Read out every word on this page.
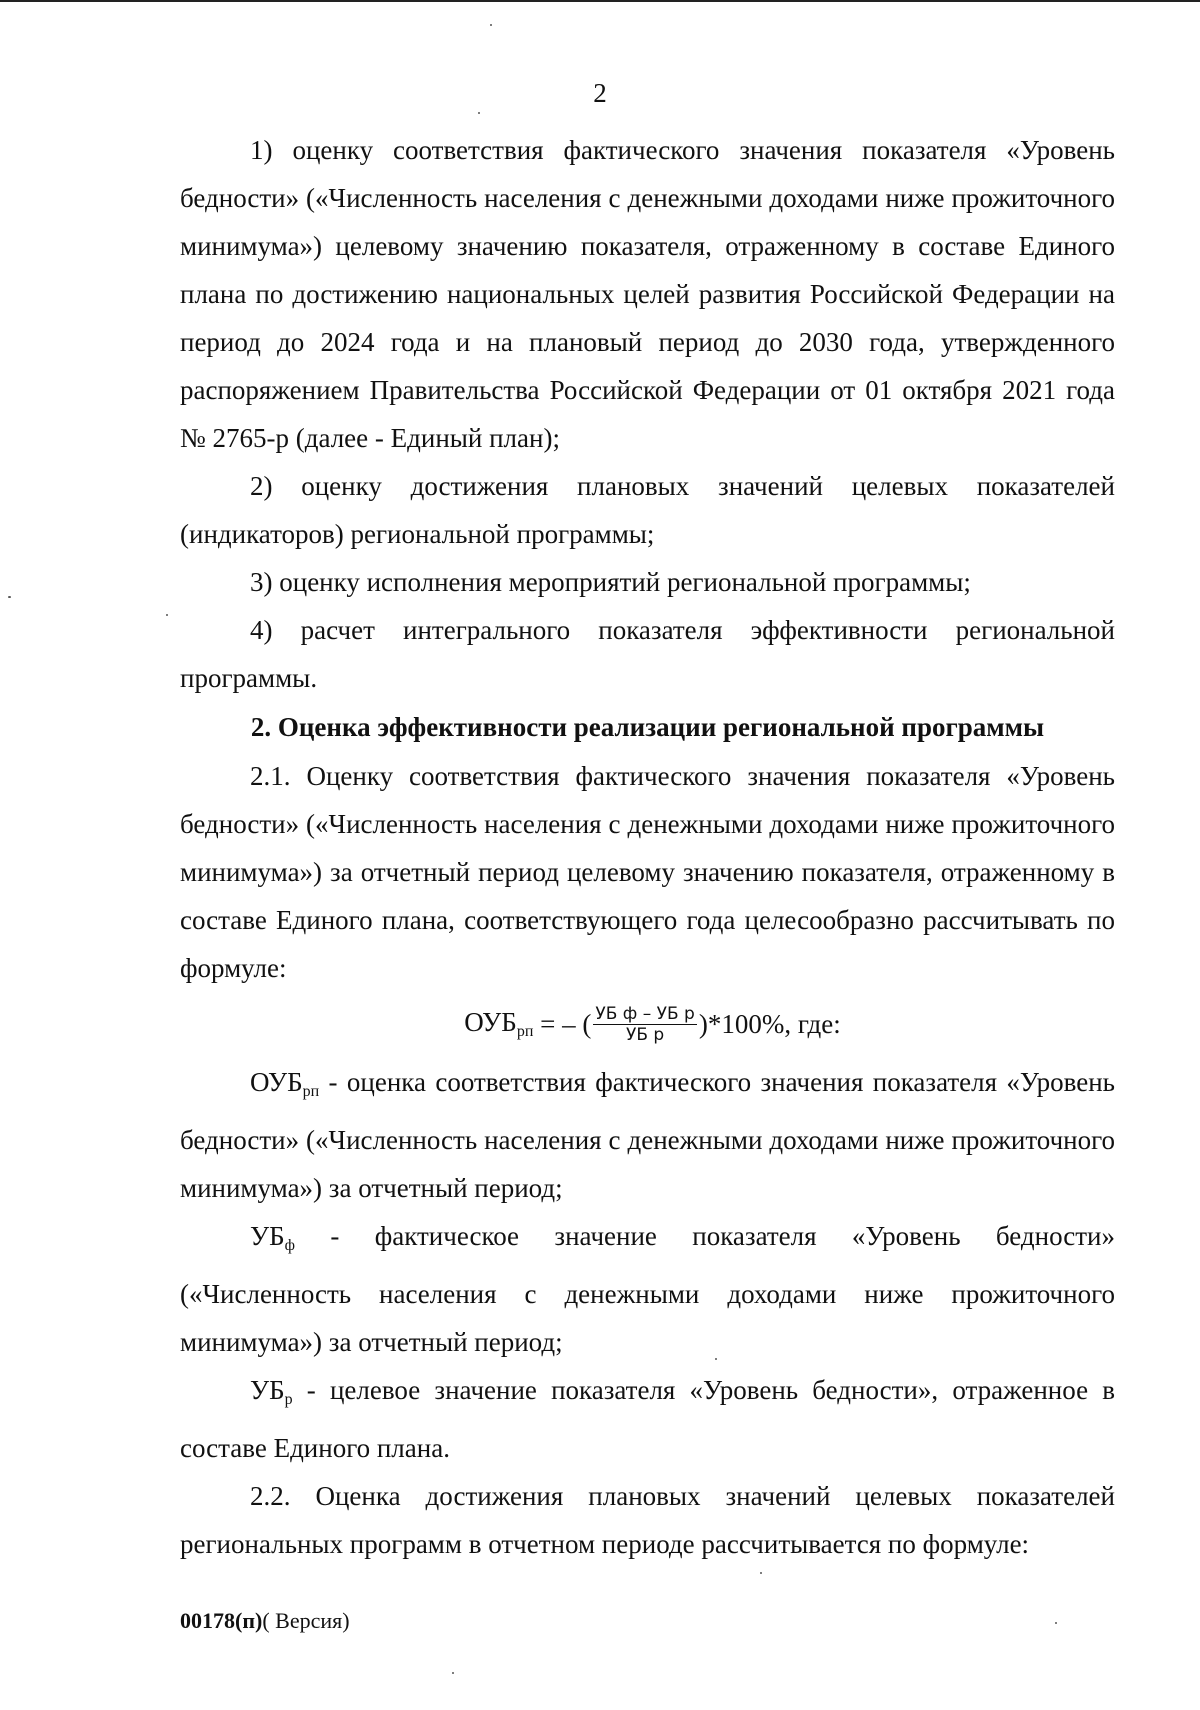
2

1) оценку соответствия фактического значения показателя «Уровень бедности» («Численность населения с денежными доходами ниже прожиточного минимума») целевому значению показателя, отраженному в составе Единого плана по достижению национальных целей развития Российской Федерации на период до 2024 года и на плановый период до 2030 года, утвержденного распоряжением Правительства Российской Федерации от 01 октября 2021 года № 2765-р (далее - Единый план);

2) оценку достижения плановых значений целевых показателей (индикаторов) региональной программы;

3) оценку исполнения мероприятий региональной программы;

4) расчет интегрального показателя эффективности региональной программы.

2. Оценка эффективности реализации региональной программы

2.1. Оценку соответствия фактического значения показателя «Уровень бедности» («Численность населения с денежными доходами ниже прожиточного минимума») за отчетный период целевому значению показателя, отраженному в составе Единого плана, соответствующего года целесообразно рассчитывать по формуле:

$ОУБ_{рп}$ = – ( $\frac{\text{УБ ф – УБ р}}{\text{УБ р}} )*100\%$, где:

$ОУБ_{рп}$ - оценка соответствия фактического значения показателя «Уровень бедности» («Численность населения с денежными доходами ниже прожиточного минимума») за отчетный период;

$УБ_ф$ - фактическое значение показателя «Уровень бедности» («Численность населения с денежными доходами ниже прожиточного минимума») за отчетный период;

$УБ_р$ - целевое значение показателя «Уровень бедности», отраженное в составе Единого плана.

2.2. Оценка достижения плановых значений целевых показателей региональных программ в отчетном периоде рассчитывается по формуле:

00178(п)( Версия)
